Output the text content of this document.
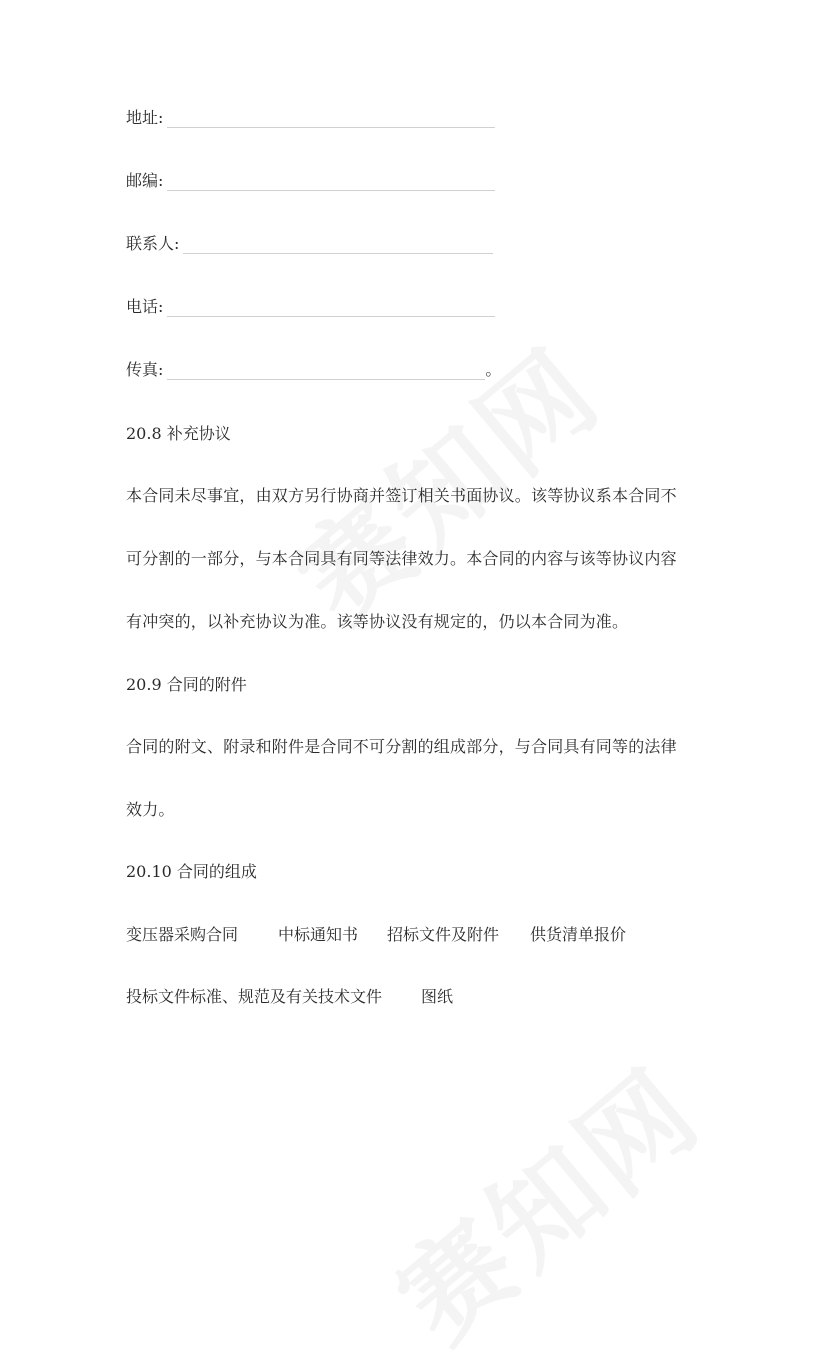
地址:
邮编:
联系人:
电话:
传真:	。
20.8 补充协议
本合同未尽事宜，由双方另行协商并签订相关书面协议。该等协议系本合同不
可分割的一部分，与本合同具有同等法律效力。本合同的内容与该等协议内容
有冲突的，以补充协议为准。该等协议没有规定的，仍以本合同为准。
20.9 合同的附件
合同的附文、附录和附件是合同不可分割的组成部分，与合同具有同等的法律
效力。
20.10 合同的组成
变压器采购合同 中标通知书 招标文件及附件 供货清单报价
投标文件标准、规范及有关技术文件 图纸
